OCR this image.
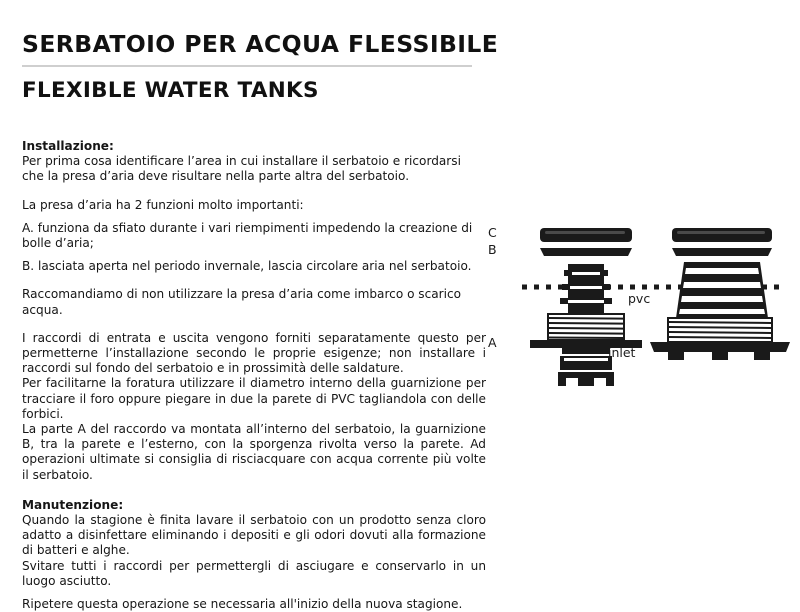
SERBATOIO PER ACQUA FLESSIBILE
FLEXIBLE WATER TANKS
Installazione:

Per prima cosa identificare l’area in cui installare il serbatoio e ricordarsi che la presa d’aria deve risultare nella parte altra del serbatoio.

La presa d’aria ha 2 funzioni molto importanti:

A. funziona da sfiato durante i vari riempimenti impedendo la creazione di bolle d’aria;

B. lasciata aperta nel periodo invernale, lascia circolare aria nel serbatoio.

Raccomandiamo di non utilizzare la presa d’aria come imbarco o scarico acqua.

I raccordi di entrata e uscita vengono forniti separatamente questo per permetterne l’installazione secondo le proprie esigenze; non installare i raccordi sul fondo del serbatoio e in prossimità delle saldature.

Per facilitarne la foratura utilizzare il diametro interno della guarnizione per tracciare il foro oppure piegare in due la parete di PVC tagliandola con delle forbici.

La parte A del raccordo va montata all’interno del serbatoio, la guarnizione B, tra la parete e l’esterno, con la sporgenza rivolta verso la parete. Ad operazioni ultimate si consiglia di risciacquare con acqua corrente più volte il serbatoio.

Manutenzione:

Quando la stagione è finita lavare il serbatoio con un prodotto senza cloro adatto a disinfettare eliminando i depositi e gli odori dovuti alla formazione di batteri e alghe.

Svitare tutti i raccordi per permettergli di asciugare e conservarlo in un luogo asciutto.

Ripetere questa operazione se necessaria all'inizio della nuova stagione.

C
B
A
pvc
inlet
